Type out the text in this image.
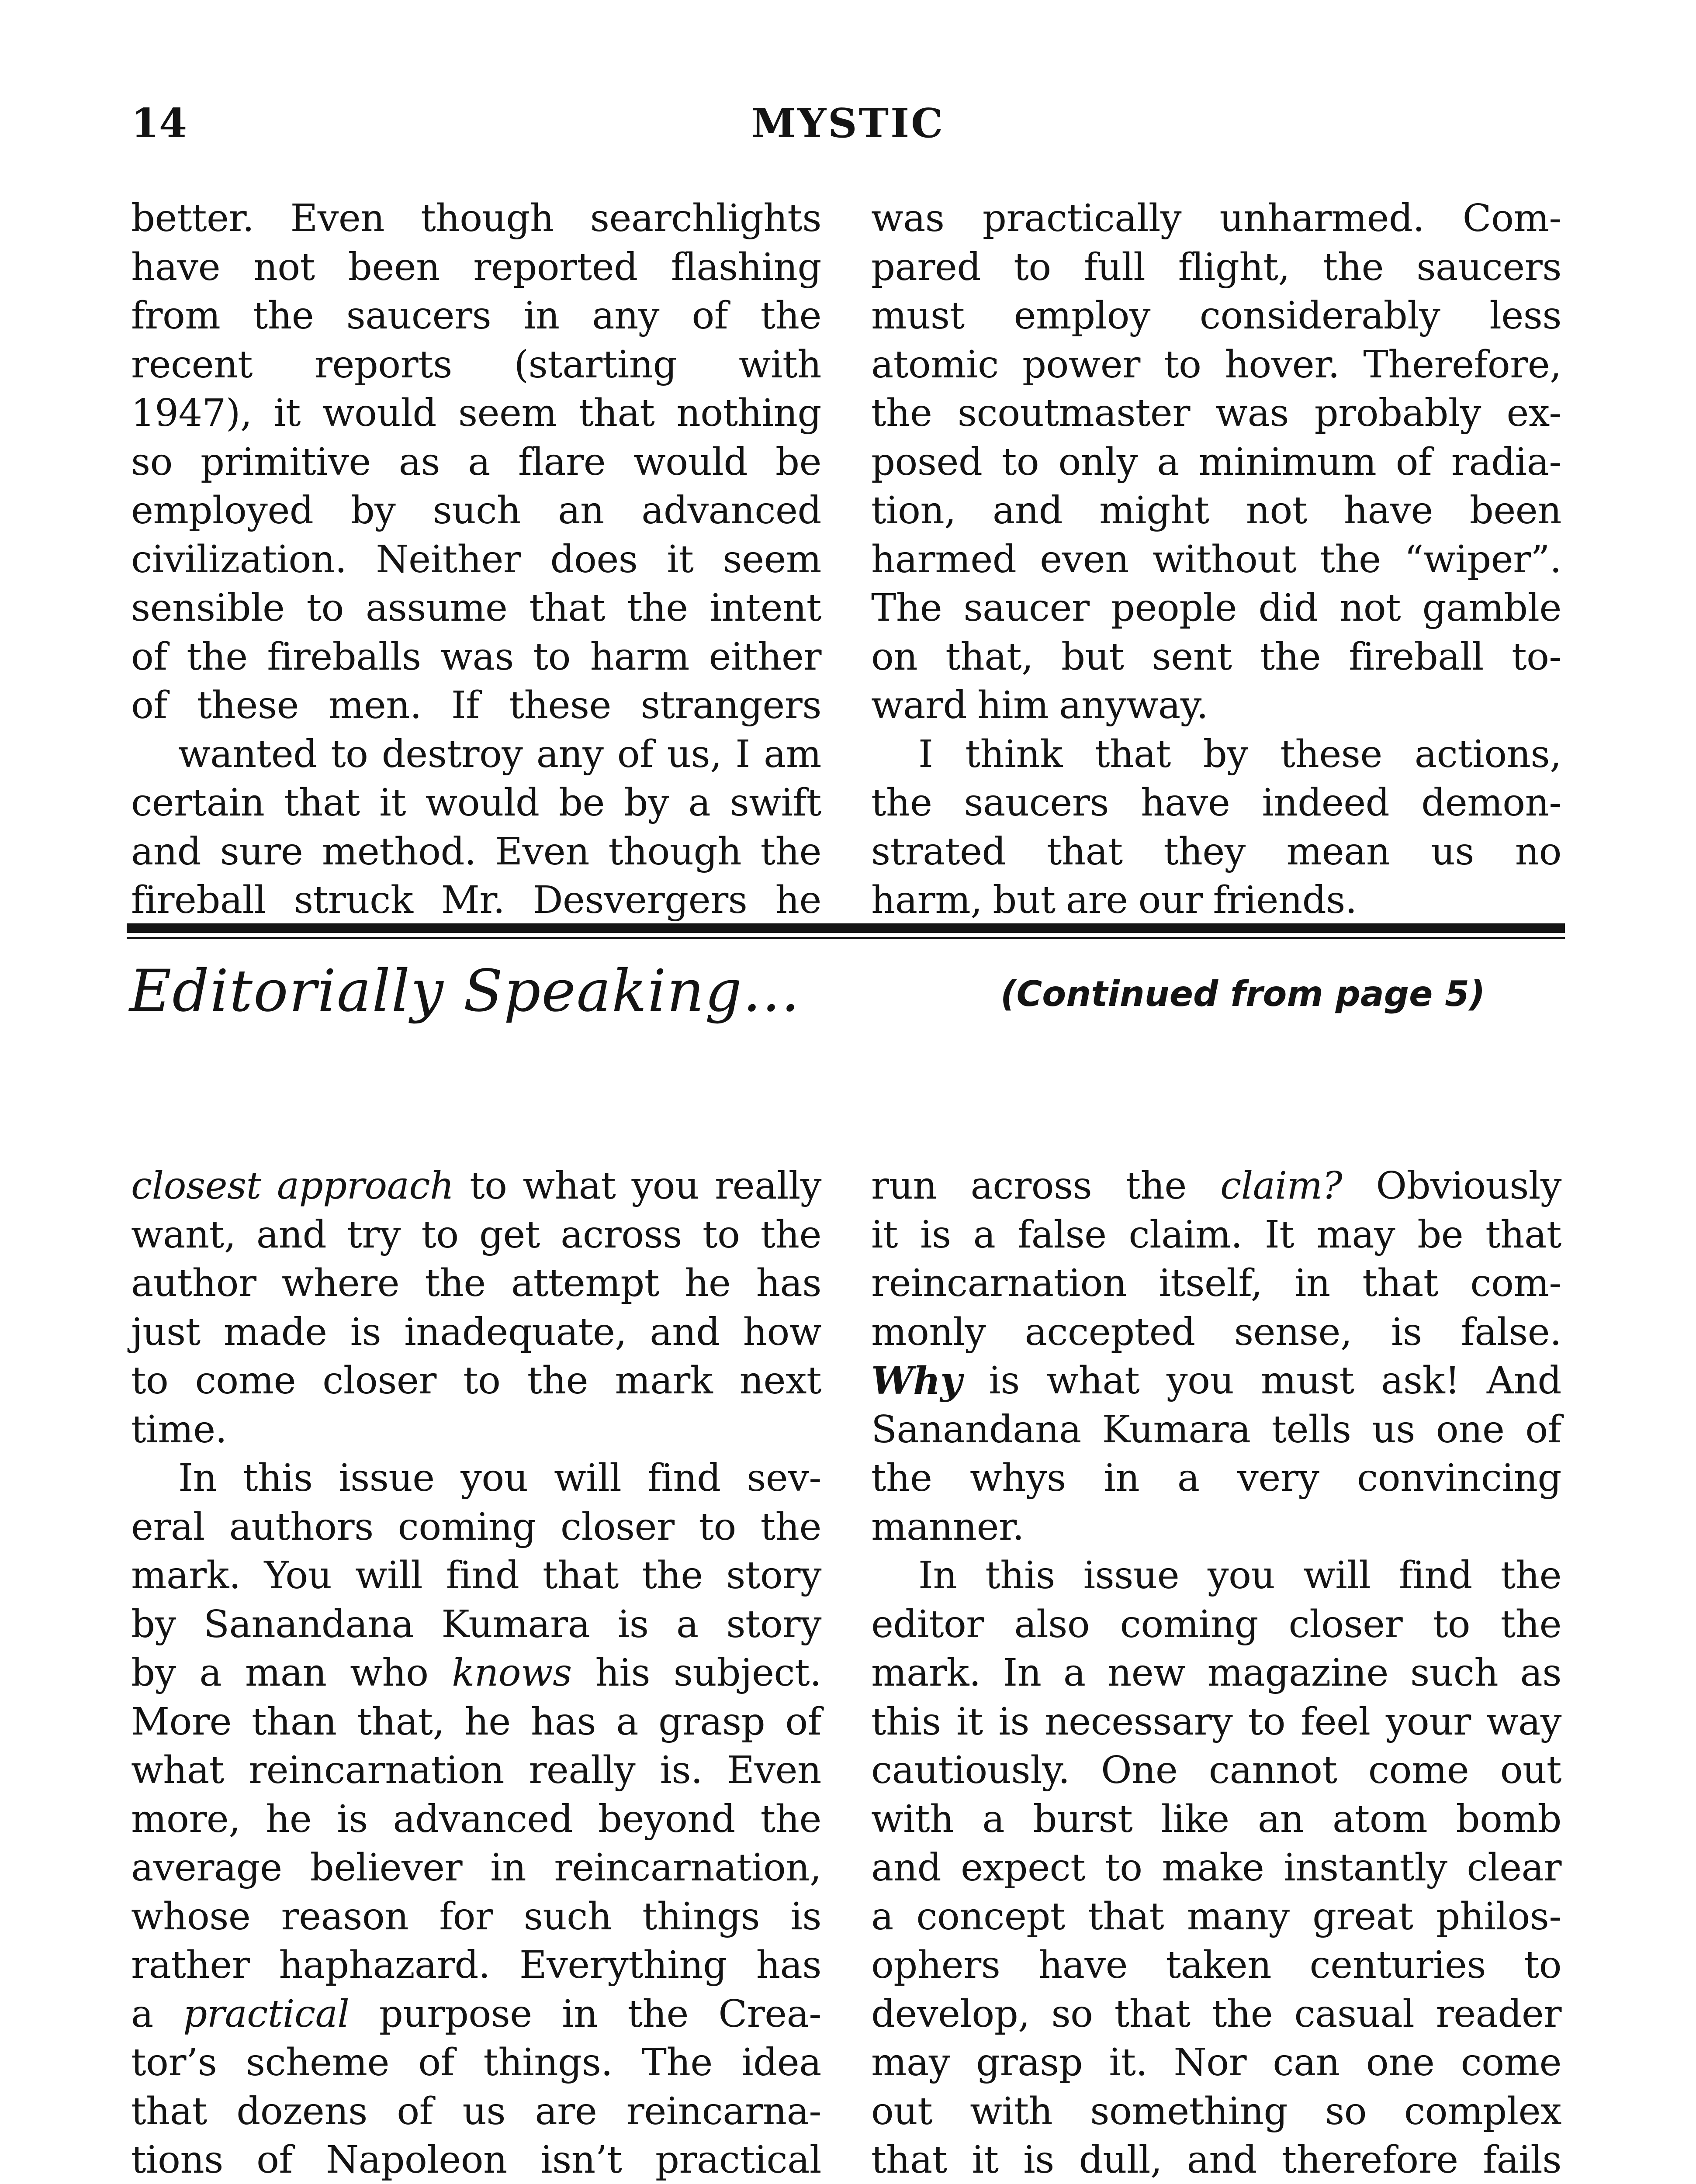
14	MYSTIC
better. Even though searchlights
have not been reported flashing
from the saucers in any of the
recent reports (starting with
1947), it would seem that nothing
so primitive as a flare would be
employed by such an advanced
civilization. Neither does it seem
sensible to assume that the intent
of the fireballs was to harm either
of these men. If these strangers
wanted to destroy any of us, I am
certain that it would be by a swift
and sure method. Even though the
fireball struck Mr. Desvergers he
was practically unharmed. Com-
pared to full flight, the saucers
must employ considerably less
atomic power to hover. Therefore,
the scoutmaster was probably ex-
posed to only a minimum of radia-
tion, and might not have been
harmed even without the “wiper”.
The saucer people did not gamble
on that, but sent the fireball to-
ward him anyway.
I think that by these actions,
the saucers have indeed demon-
strated that they mean us no
harm, but are our friends.
Editorially Speaking...	(Continued from page 5)
closest approach to what you really
want, and try to get across to the
author where the attempt he has
just made is inadequate, and how
to come closer to the mark next
time.
In this issue you will find sev-
eral authors coming closer to the
mark. You will find that the story
by Sanandana Kumara is a story
by a man who knows his subject.
More than that, he has a grasp of
what reincarnation really is. Even
more, he is advanced beyond the
average believer in reincarnation,
whose reason for such things is
rather haphazard. Everything has
a practical purpose in the Crea-
tor’s scheme of things. The idea
that dozens of us are reincarna-
tions of Napoleon isn’t practical
run across the claim? Obviously
it is a false claim. It may be that
reincarnation itself, in that com-
monly accepted sense, is false.
Why is what you must ask! And
Sanandana Kumara tells us one of
the whys in a very convincing
manner.
In this issue you will find the
editor also coming closer to the
mark. In a new magazine such as
this it is necessary to feel your way
cautiously. One cannot come out
with a burst like an atom bomb
and expect to make instantly clear
a concept that many great philos-
ophers have taken centuries to
develop, so that the casual reader
may grasp it. Nor can one come
out with something so complex
that it is dull, and therefore fails
